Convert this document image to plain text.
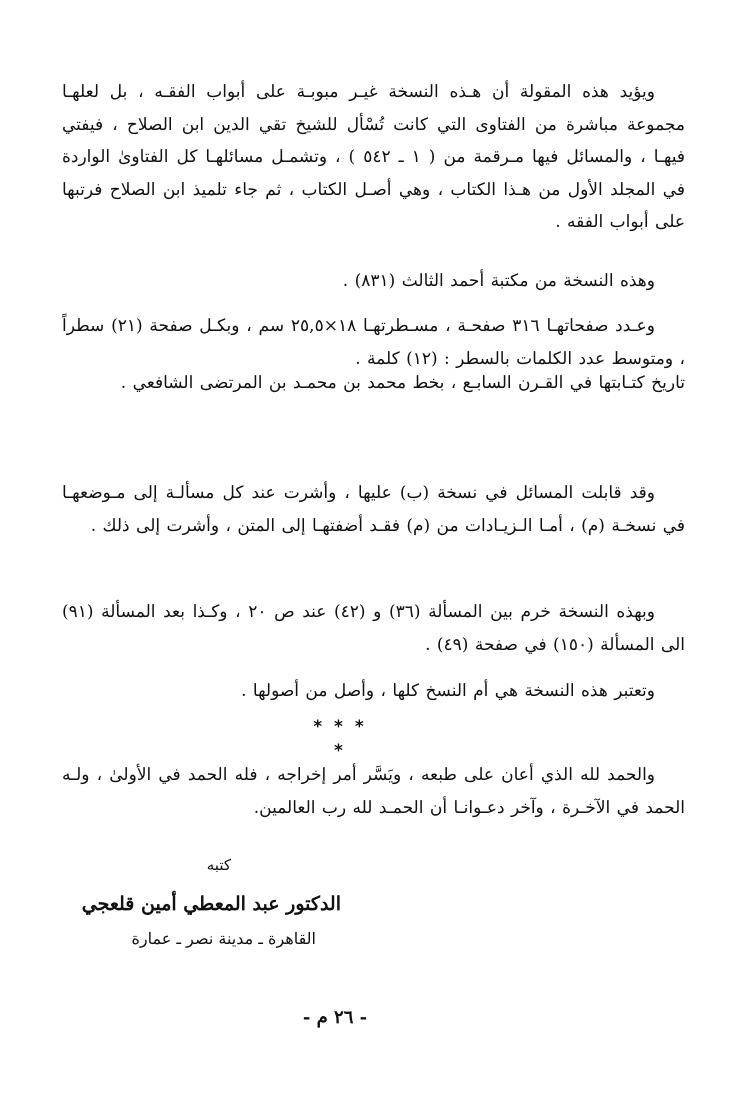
ويؤيد هذه المقولة أن هـذه النسخة غيـر مبوبـة على أبواب الفقـه ، بل لعلهـا مجموعة مباشرة من الفتاوى التي كانت تُسْأل للشيخ تقي الدين ابن الصلاح ، فيفتي فيهـا ، والمسائل فيها مـرقمة من ( ١ ـ ٥٤٢ ) ، وتشمـل مسائلهـا كل الفتاوىٰ الواردة في المجلد الأول من هـذا الكتاب ، وهي أصـل الكتاب ، ثم جاء تلميذ ابن الصلاح فرتبها على أبواب الفقه .

وهذه النسخة من مكتبة أحمد الثالث (٨٣١) .

وعـدد صفحاتهـا ٣١٦ صفحـة ، مسـطرتهـا ١٨×٢٥,٥ سم ، وبكـل صفحة (٢١) سطراً ، ومتوسط عدد الكلمات بالسطر : (١٢) كلمة .

تاريخ كتـابتها في القـرن السابـع ، بخط محمد بن محمـد بن المرتضى الشافعي .

وقد قابلت المسائل في نسخة (ب) عليها ، وأشرت عند كل مسألـة إلى مـوضعهـا في نسخـة (م) ، أمـا الـزيـادات من (م) فقـد أضفتهـا إلى المتن ، وأشرت إلى ذلك .

وبهذه النسخة خرم بين المسألة (٣٦) و (٤٢) عند ص ٢٠ ، وكـذا بعد المسألة (٩١) الى المسألة (١٥٠) في صفحة (٤٩) .

وتعتبر هذه النسخة هي أم النسخ كلها ، وأصل من أصولها .

* * * *

والحمد لله الذي أعان على طبعه ، ويَسَّر أمر إخراجه ، فله الحمد في الأولىٰ ، ولـه الحمد في الآخـرة ، وآخر دعـوانـا أن الحمـد لله رب العالمين.

كتبه
الدكتور عبد المعطي أمين قلعجي
القاهرة ـ مدينة نصر ـ عمارة
- ٢٦ م -
